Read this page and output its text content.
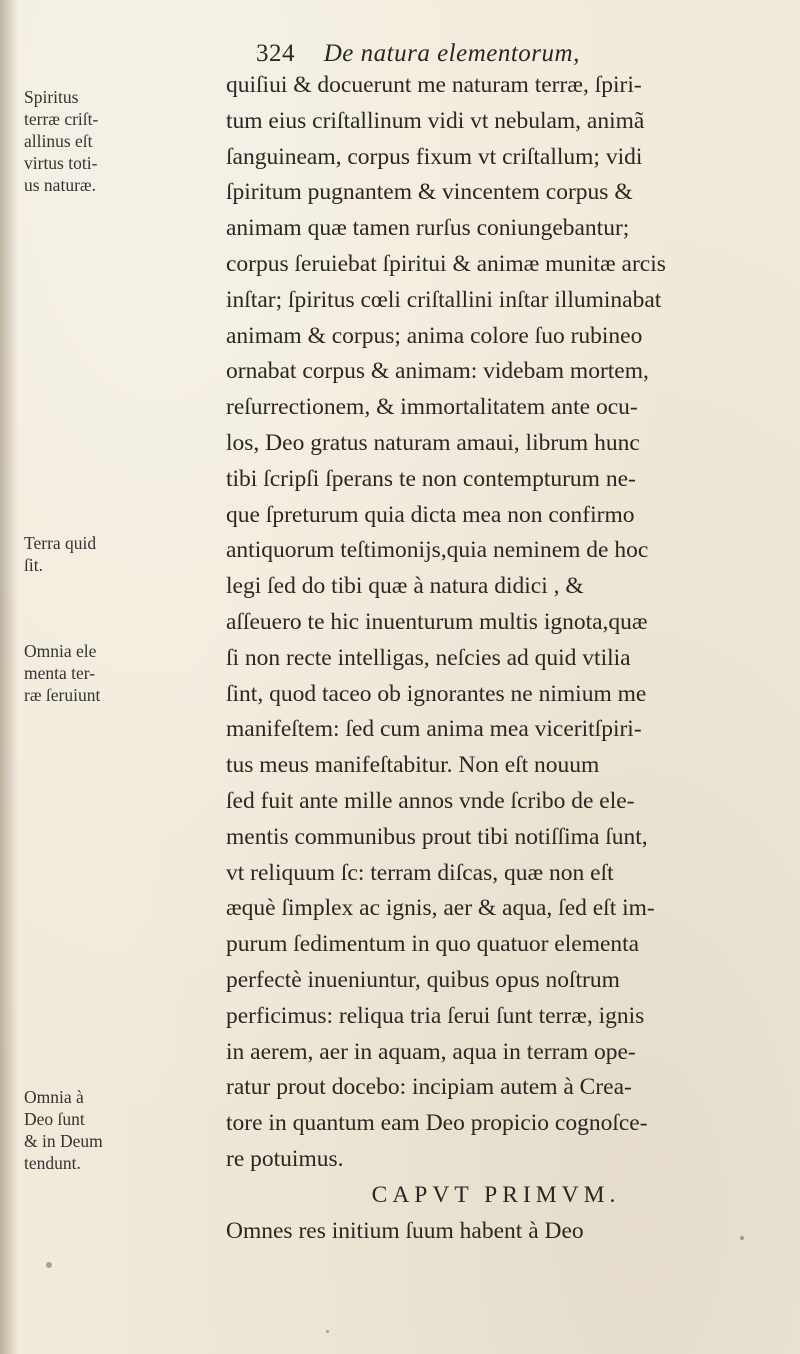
324 De natura elementorum,
Spiritus
terræ criſt-
allinus eſt
virtus toti-
us naturæ.
Terra quid
ſit.
Omnia ele
menta ter-
ræ ſeruiunt
Omnia à
Deo ſunt
& in Deum
tendunt.
quiſiui & docuerunt me naturam terræ, ſpiri-
tum eius criſtallinum vidi vt nebulam, animã
ſanguineam, corpus fixum vt criſtallum; vidi
ſpiritum pugnantem & vincentem corpus &
animam quæ tamen rurſus coniungebantur;
corpus ſeruiebat ſpiritui & animæ munitæ arcis
inſtar; ſpiritus cœli criſtallini inſtar illuminabat
animam & corpus; anima colore ſuo rubineo
ornabat corpus & animam: videbam mortem,
reſurrectionem, & immortalitatem ante ocu-
los, Deo gratus naturam amaui, librum hunc
tibi ſcripſi ſperans te non contempturum ne-
que ſpreturum quia dicta mea non confirmo
antiquorum teſtimonijs,quia neminem de hoc
legi ſed do tibi quæ à natura didici , &
aſſeuero te hic inuenturum multis ignota,quæ
ſi non recte intelligas, neſcies ad quid vtilia
ſint, quod taceo ob ignorantes ne nimium me
manifeſtem: ſed cum anima mea viceritſpiri-
tus meus manifeſtabitur. Non eſt nouum
ſed fuit ante mille annos vnde ſcribo de ele-
mentis communibus prout tibi notiſſima ſunt,
vt reliquum ſc: terram diſcas, quæ non eſt
æquè ſimplex ac ignis, aer & aqua, ſed eſt im-
purum ſedimentum in quo quatuor elementa
perfectè inueniuntur, quibus opus noſtrum
perficimus: reliqua tria ſerui ſunt terræ, ignis
in aerem, aer in aquam, aqua in terram ope-
ratur prout docebo: incipiam autem à Crea-
tore in quantum eam Deo propicio cognoſce-
re potuimus.
CAPVT PRIMVM.
Omnes res initium ſuum habent à Deo
